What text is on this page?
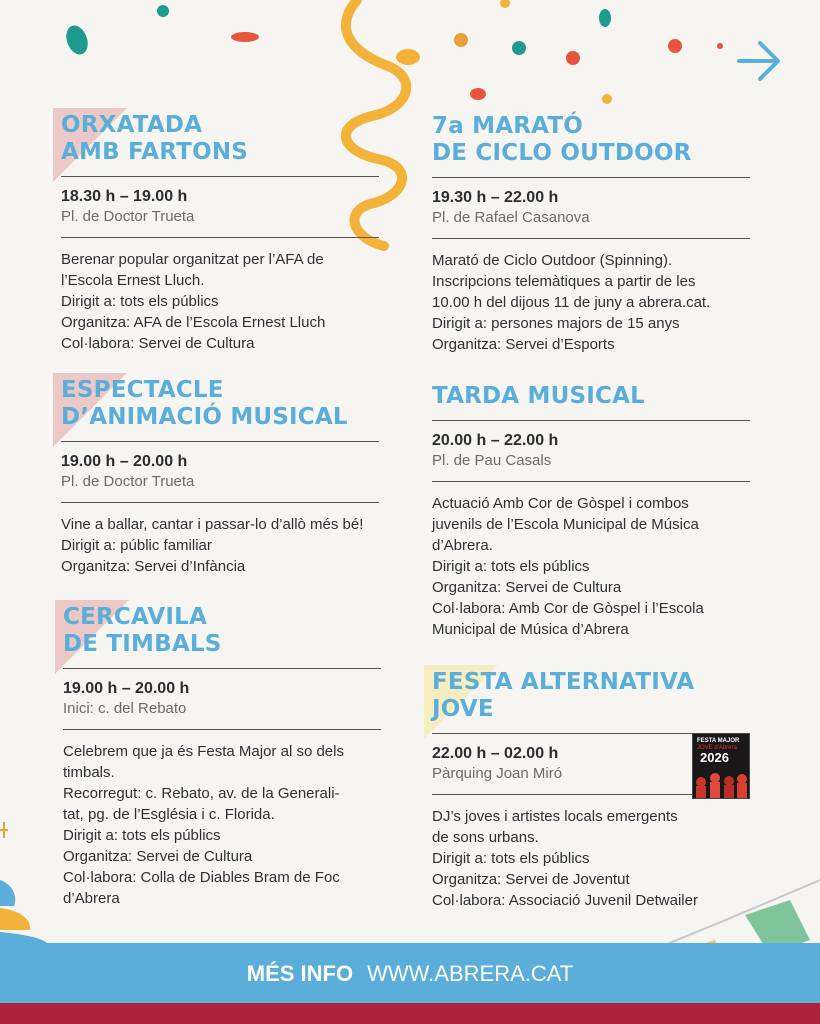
ORXATADA
AMB FARTONS
18.30 h – 19.00 h
Pl. de Doctor Trueta

Berenar popular organitzat per l’AFA de

l’Escola Ernest Lluch.

Dirigit a: tots els públics

Organitza: AFA de l’Escola Ernest Lluch

Col·labora: Servei de Cultura

ESPECTACLE
D’ANIMACIÓ MUSICAL
19.00 h – 20.00 h
Pl. de Doctor Trueta

Vine a ballar, cantar i passar-lo d’allò més bé!

Dirigit a: públic familiar

Organitza: Servei d’Infància

CERCAVILA
DE TIMBALS
19.00 h – 20.00 h
Inici: c. del Rebato

Celebrem que ja és Festa Major al so dels

timbals.

Recorregut: c. Rebato, av. de la Generali-

tat, pg. de l’Església i c. Florida.

Dirigit a: tots els públics

Organitza: Servei de Cultura

Col·labora: Colla de Diables Bram de Foc

d’Abrera

7a MARATÓ
DE CICLO OUTDOOR
19.30 h – 22.00 h
Pl. de Rafael Casanova

Marató de Ciclo Outdoor (Spinning).

Inscripcions telemàtiques a partir de les

10.00 h del dijous 11 de juny a abrera.cat.

Dirigit a: persones majors de 15 anys

Organitza: Servei d’Esports

TARDA MUSICAL
20.00 h – 22.00 h
Pl. de Pau Casals

Actuació Amb Cor de Gòspel i combos

juvenils de l’Escola Municipal de Música

d’Abrera.

Dirigit a: tots els públics

Organitza: Servei de Cultura

Col·labora: Amb Cor de Gòspel i l’Escola

Municipal de Música d’Abrera

FESTA ALTERNATIVA
JOVE
22.00 h – 02.00 h
Pàrquing Joan Miró

DJ’s joves i artistes locals emergents

de sons urbans.

Dirigit a: tots els públics

Organitza: Servei de Joventut

Col·labora: Associació Juvenil Detwailer

FESTA MAJOR
JOVE d'Abrera
2026
MÉS INFO WWW.ABRERA.CAT
